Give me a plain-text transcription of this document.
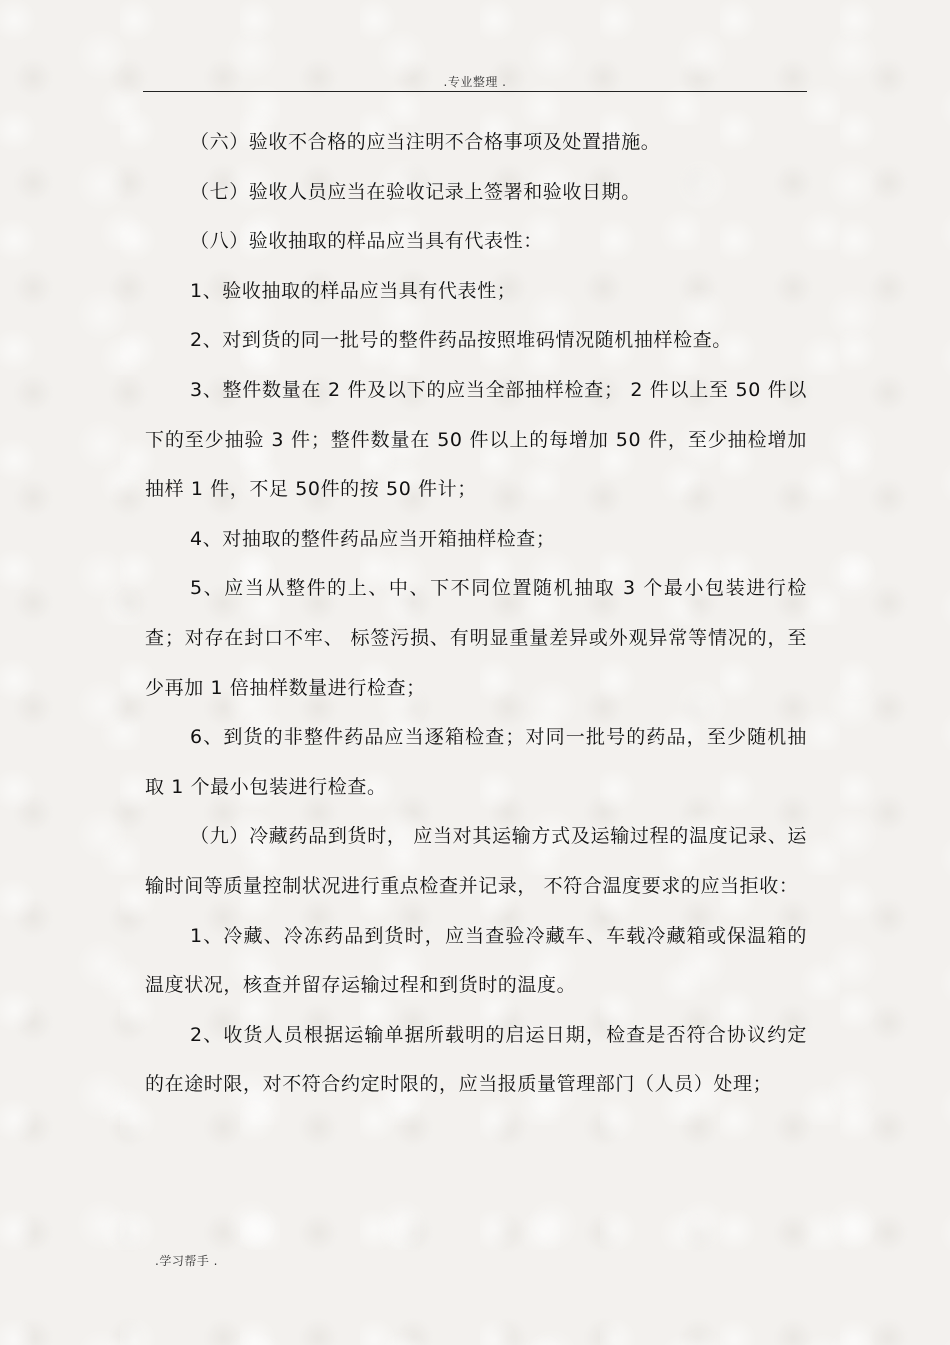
.专业整理 .

（六）验收不合格的应当注明不合格事项及处置措施。

（七）验收人员应当在验收记录上签署和验收日期。

（八）验收抽取的样品应当具有代表性：

1、验收抽取的样品应当具有代表性；

2、对到货的同一批号的整件药品按照堆码情况随机抽样检查。

3、整件数量在 2 件及以下的应当全部抽样检查； 2 件以上至 50 件以下的至少抽验 3 件；整件数量在 50 件以上的每增加 50 件，至少抽检增加抽样 1 件，不足 50件的按 50 件计；

4、对抽取的整件药品应当开箱抽样检查；

5、应当从整件的上、中、下不同位置随机抽取 3 个最小包装进行检查；对存在封口不牢、 标签污损、有明显重量差异或外观异常等情况的，至少再加 1 倍抽样数量进行检查；

6、到货的非整件药品应当逐箱检查；对同一批号的药品，至少随机抽取 1 个最小包装进行检查。

（九）冷藏药品到货时， 应当对其运输方式及运输过程的温度记录、运输时间等质量控制状况进行重点检查并记录， 不符合温度要求的应当拒收：

1、冷藏、冷冻药品到货时，应当查验冷藏车、车载冷藏箱或保温箱的温度状况，核查并留存运输过程和到货时的温度。

2、收货人员根据运输单据所载明的启运日期，检查是否符合协议约定的在途时限，对不符合约定时限的，应当报质量管理部门（人员）处理；

.学习帮手 .
